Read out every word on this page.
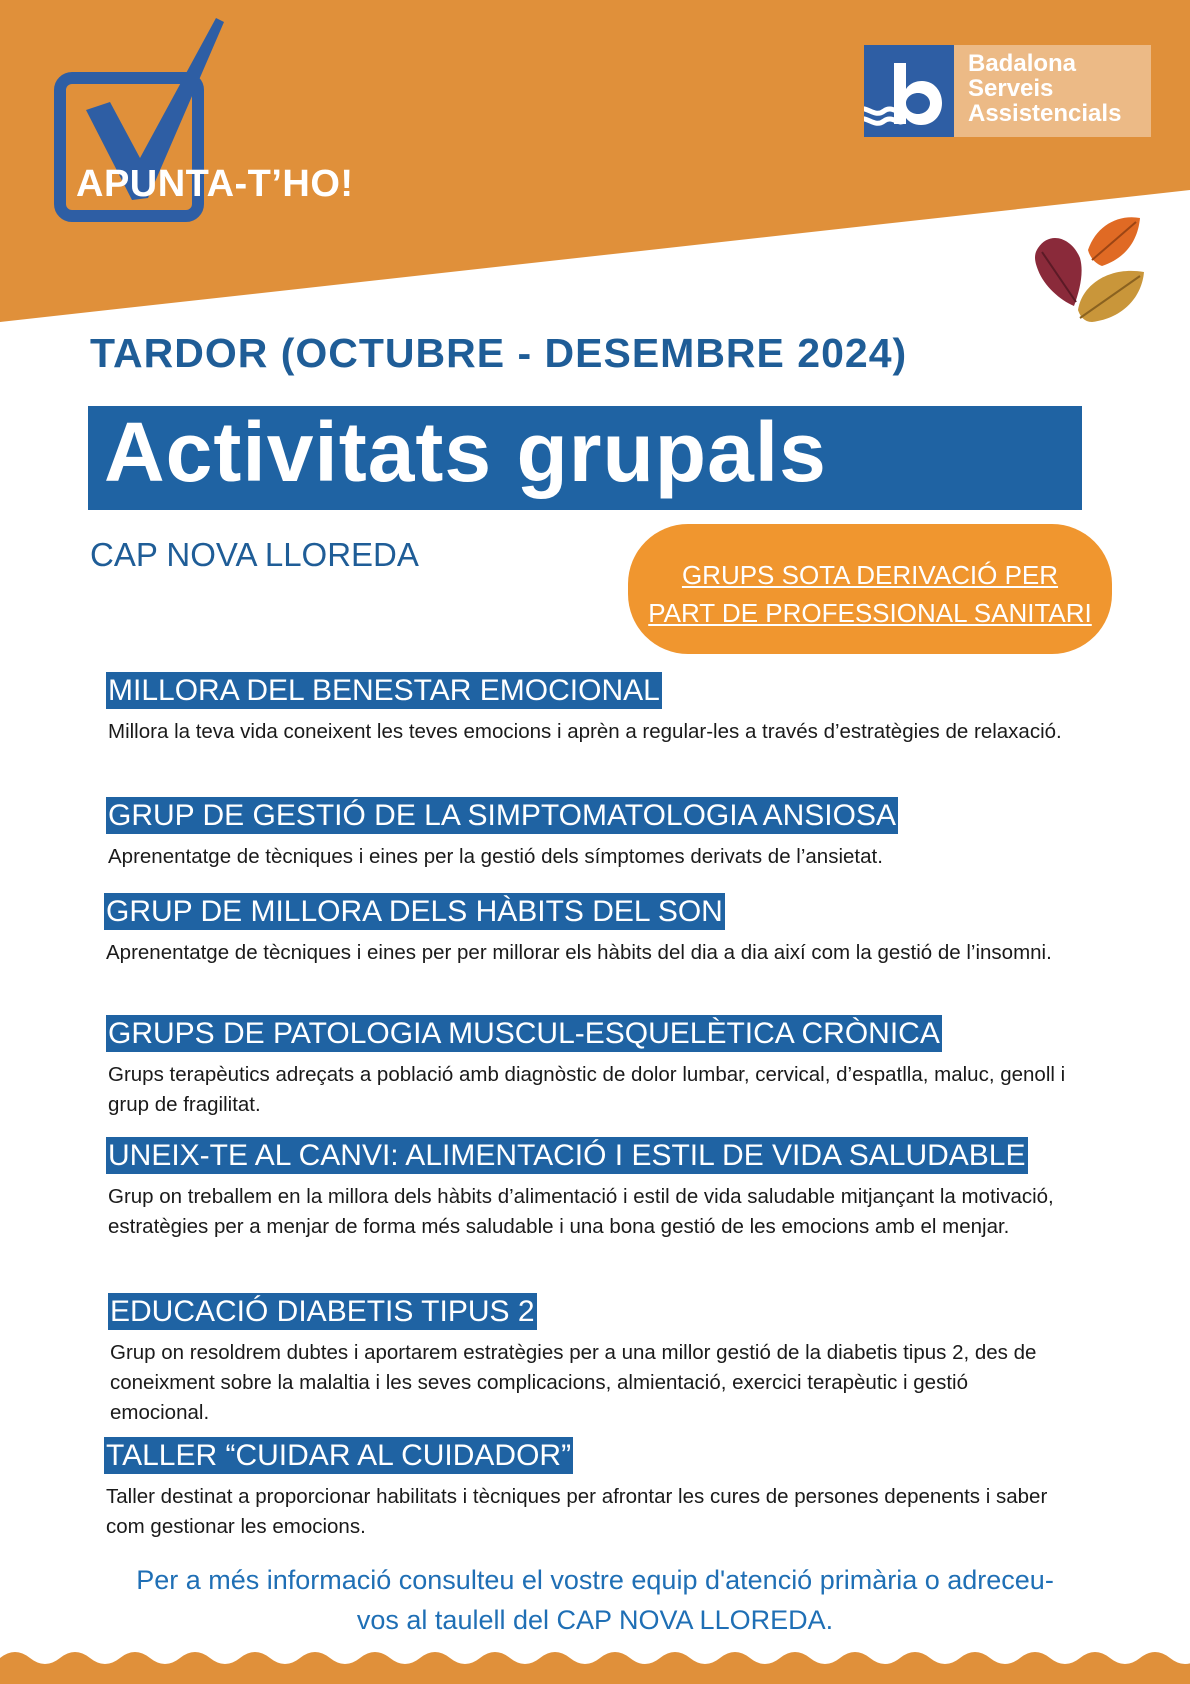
APUNTA-T’HO!
Badalona
Serveis
Assistencials
TARDOR (OCTUBRE - DESEMBRE 2024)
Activitats grupals
CAP NOVA LLOREDA
GRUPS SOTA DERIVACIÓ PER
PART DE PROFESSIONAL SANITARI
MILLORA DEL BENESTAR EMOCIONAL
Millora la teva vida coneixent les teves emocions i aprèn a regular-les a través d’estratègies de relaxació.
GRUP DE GESTIÓ DE LA SIMPTOMATOLOGIA ANSIOSA
Aprenentatge de tècniques i eines per la gestió dels símptomes derivats de l’ansietat.
GRUP DE MILLORA DELS HÀBITS DEL SON
Aprenentatge de tècniques i eines per per millorar els hàbits del dia a dia així com la gestió de l’insomni.
GRUPS DE PATOLOGIA MUSCUL-ESQUELÈTICA CRÒNICA
Grups terapèutics adreçats a població amb diagnòstic de dolor lumbar, cervical, d’espatlla, maluc, genoll i grup de fragilitat.
UNEIX-TE AL CANVI: ALIMENTACIÓ I ESTIL DE VIDA SALUDABLE
Grup on treballem en la millora dels hàbits d’alimentació i estil de vida saludable mitjançant la motivació, estratègies per a menjar de forma més saludable i una bona gestió de les emocions amb el menjar.
EDUCACIÓ DIABETIS TIPUS 2
Grup on resoldrem dubtes i aportarem estratègies per a una millor gestió de la diabetis tipus 2, des de coneixment sobre la malaltia i les seves complicacions, almientació, exercici terapèutic i gestió emocional.
TALLER “CUIDAR AL CUIDADOR”
Taller destinat a proporcionar habilitats i tècniques per afrontar les cures de persones depenents i saber com gestionar les emocions.
Per a més informació consulteu el vostre equip d'atenció primària o adreceu-
vos al taulell del CAP NOVA LLOREDA.
